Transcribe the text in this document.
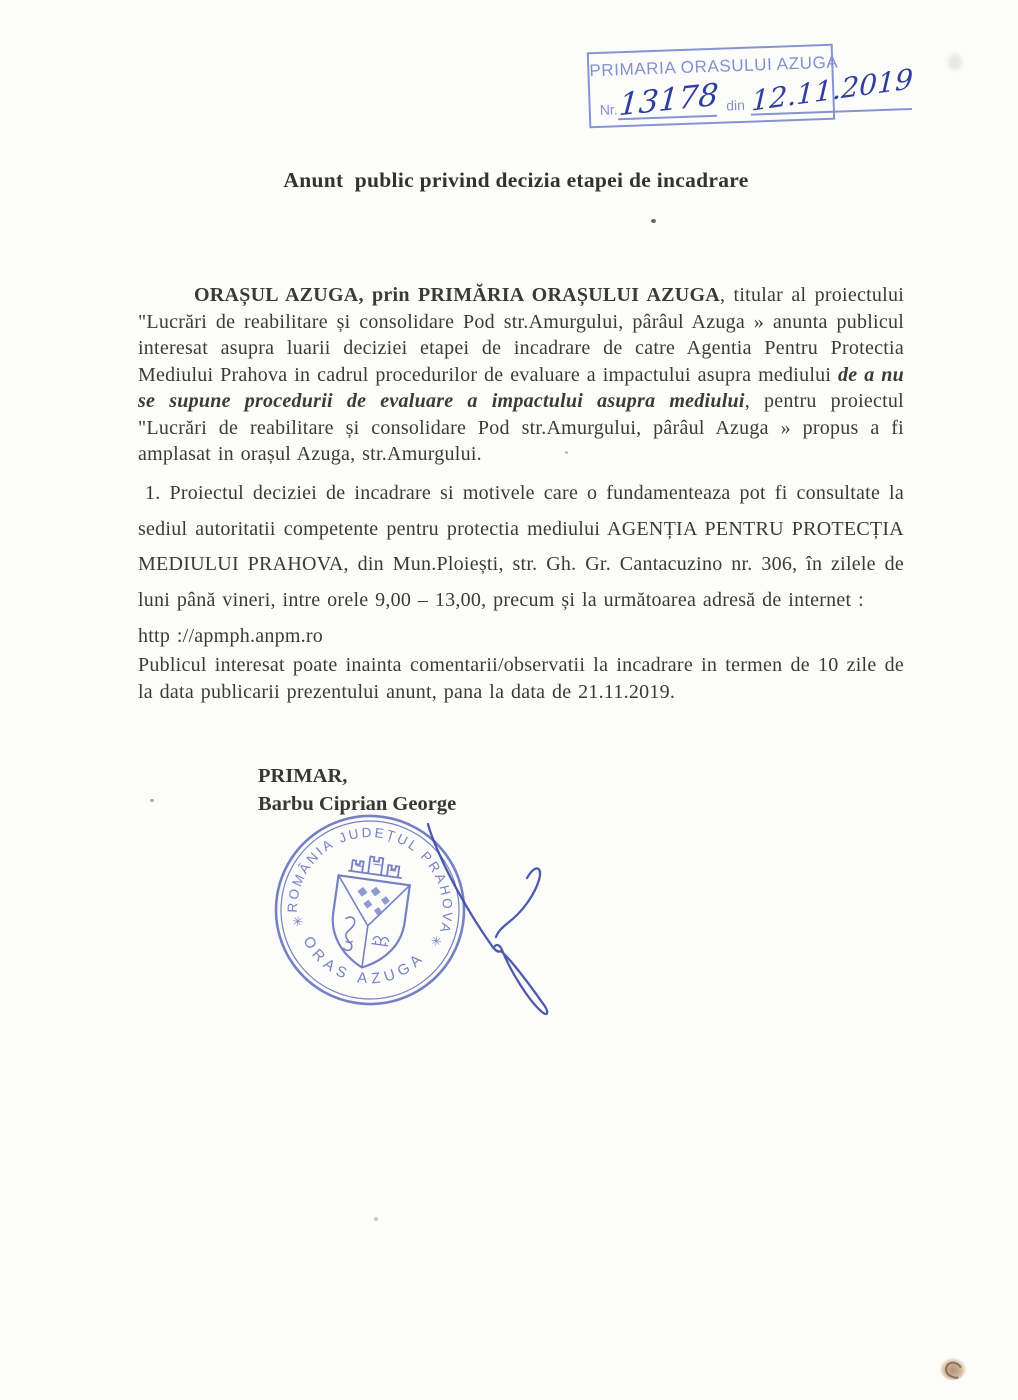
PRIMARIA ORASULUI AZUGA
Nr. 13178 din 12.11.2019
Anunt  public privind decizia etapei de incadrare
ORAȘUL AZUGA, prin PRIMĂRIA ORAȘULUI AZUGA, titular al proiectului "Lucrări de reabilitare și consolidare Pod str.Amurgului, pârâul Azuga » anunta publicul interesat asupra luarii deciziei etapei de incadrare de catre Agentia Pentru Protectia Mediului Prahova in cadrul procedurilor de evaluare a impactului asupra mediului de a nu se supune procedurii de evaluare a impactului asupra mediului, pentru proiectul "Lucrări de reabilitare și consolidare Pod str.Amurgului, pârâul Azuga » propus a fi amplasat in orașul Azuga, str.Amurgului.
1. Proiectul deciziei de incadrare si motivele care o fundamenteaza pot fi consultate la sediul autoritatii competente pentru protectia mediului AGENȚIA PENTRU PROTECȚIA MEDIULUI PRAHOVA, din Mun.Ploiești, str. Gh. Gr. Cantacuzino nr. 306, în zilele de luni până vineri, intre orele 9,00 – 13,00, precum și la următoarea adresă de internet :
http ://apmph.anpm.ro
Publicul interesat poate inainta comentarii/observatii la incadrare in termen de 10 zile de la data publicarii prezentului anunt, pana la data de 21.11.2019.
PRIMAR,
Barbu Ciprian George
ROMÂNIA JUDEȚUL PRAHOVA
ORAS AZUGA
✳
✳
